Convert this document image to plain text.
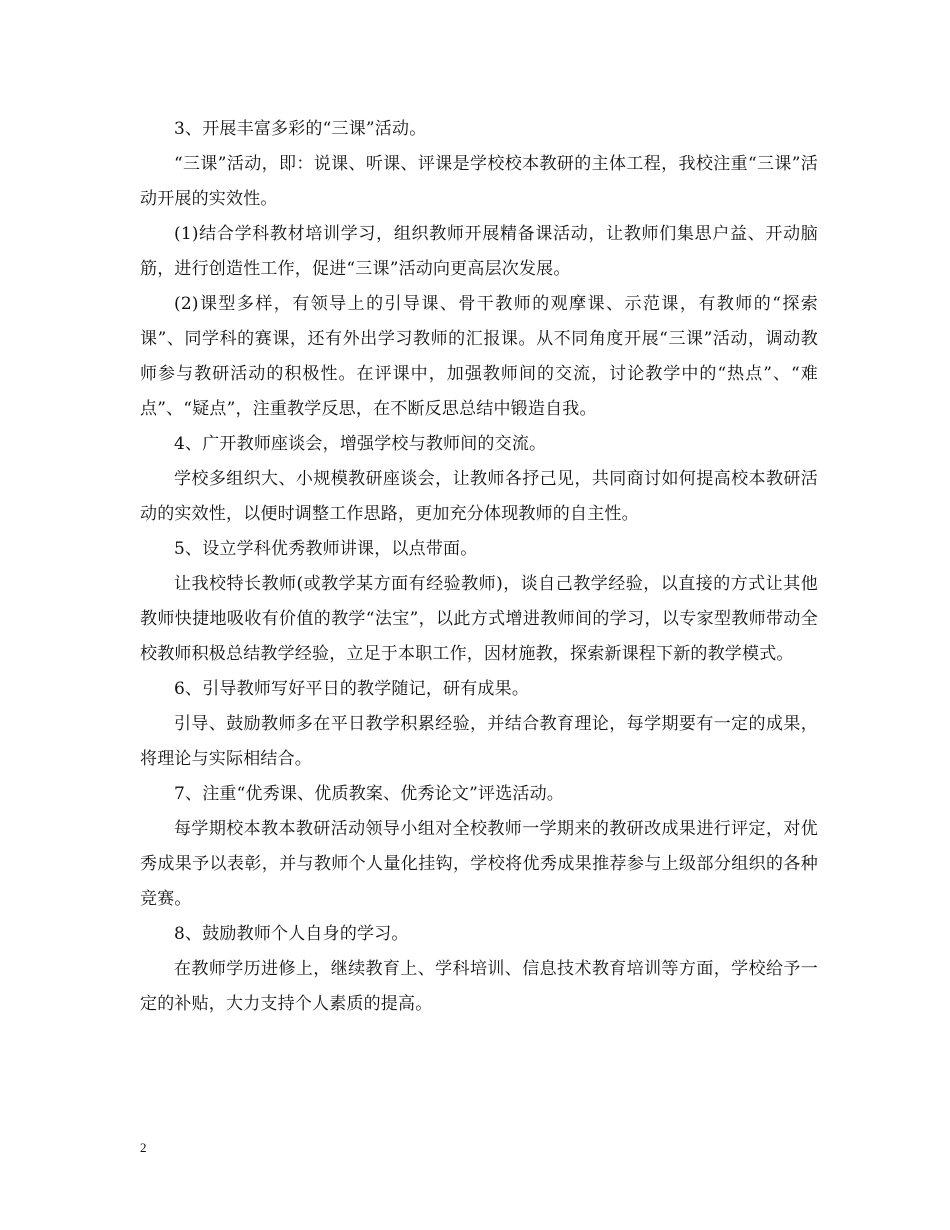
3、开展丰富多彩的“三课”活动。

“三课”活动，即：说课、听课、评课是学校校本教研的主体工程，我校注重“三课”活动开展的实效性。

(1)结合学科教材培训学习，组织教师开展精备课活动，让教师们集思户益、开动脑筋，进行创造性工作，促进“三课”活动向更高层次发展。

(2)课型多样，有领导上的引导课、骨干教师的观摩课、示范课，有教师的“探索课”、同学科的赛课，还有外出学习教师的汇报课。从不同角度开展“三课”活动，调动教师参与教研活动的积极性。在评课中，加强教师间的交流，讨论教学中的“热点”、“难点”、“疑点”，注重教学反思，在不断反思总结中锻造自我。

4、广开教师座谈会，增强学校与教师间的交流。

学校多组织大、小规模教研座谈会，让教师各抒己见，共同商讨如何提高校本教研活动的实效性，以便时调整工作思路，更加充分体现教师的自主性。

5、设立学科优秀教师讲课，以点带面。

让我校特长教师(或教学某方面有经验教师)，谈自己教学经验，以直接的方式让其他教师快捷地吸收有价值的教学“法宝”，以此方式增进教师间的学习，以专家型教师带动全校教师积极总结教学经验，立足于本职工作，因材施教，探索新课程下新的教学模式。

6、引导教师写好平日的教学随记，研有成果。

引导、鼓励教师多在平日教学积累经验，并结合教育理论，每学期要有一定的成果，将理论与实际相结合。

7、注重“优秀课、优质教案、优秀论文”评选活动。

每学期校本教本教研活动领导小组对全校教师一学期来的教研改成果进行评定，对优秀成果予以表彰，并与教师个人量化挂钩，学校将优秀成果推荐参与上级部分组织的各种竞赛。

8、鼓励教师个人自身的学习。

在教师学历进修上，继续教育上、学科培训、信息技术教育培训等方面，学校给予一定的补贴，大力支持个人素质的提高。

2
